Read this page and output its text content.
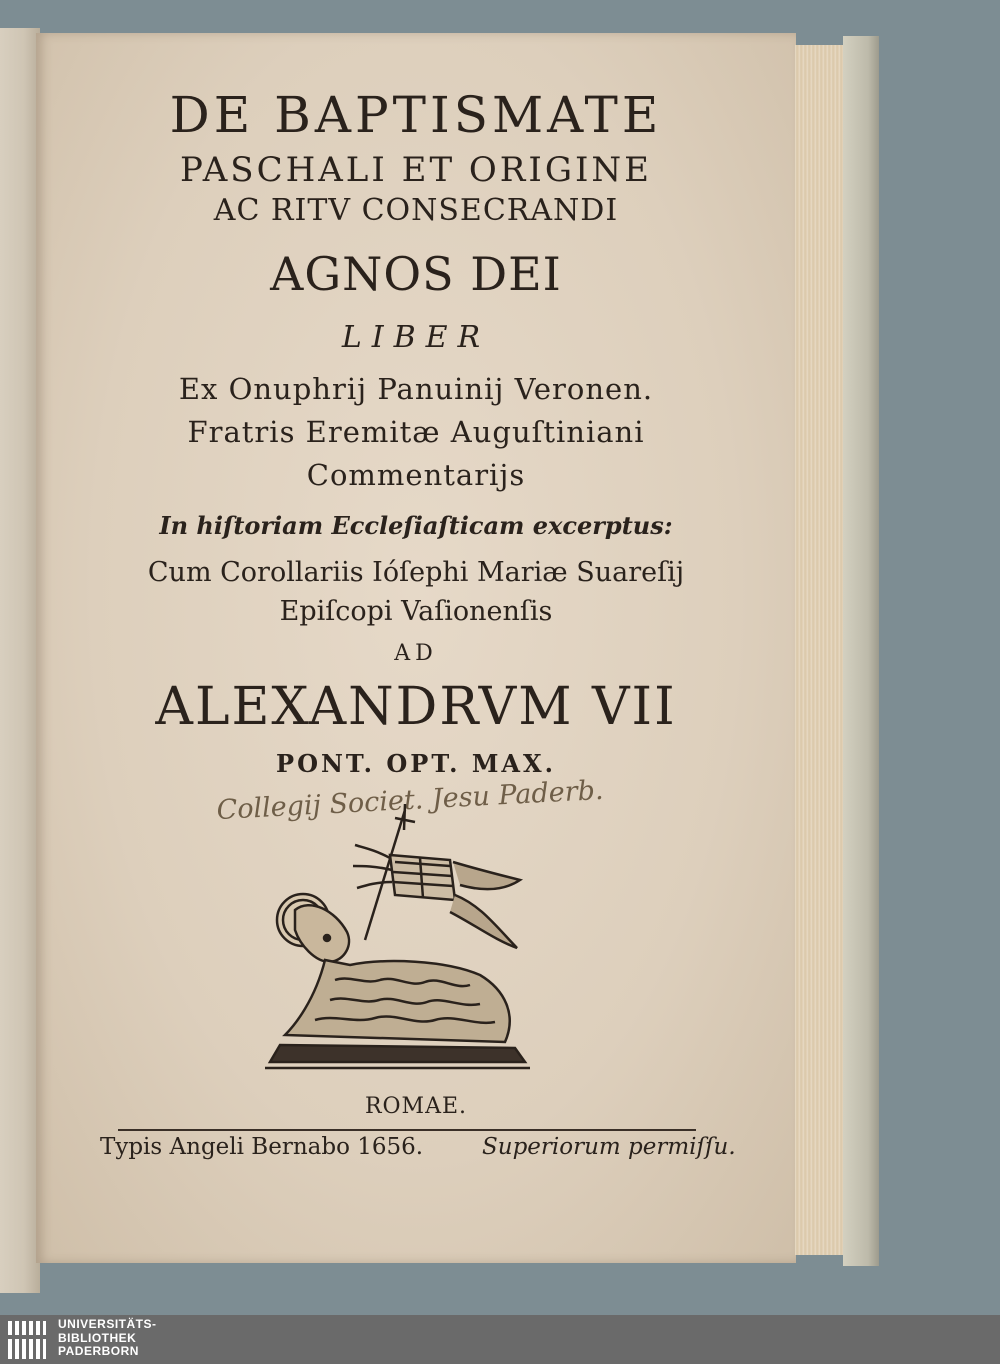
DE BAPTISMATE
PASCHALI ET ORIGINE
AC RITV CONSECRANDI
AGNOS DEI
LIBER
Ex Onuphrij Panuinij Veronen.
Fratris Eremitæ Auguſtiniani
Commentarijs
In hiſtoriam Eccleſiaſticam excerptus:
Cum Corollariis Ióſephi Mariæ Suareſij
Epiſcopi Vaſionenſis
AD
ALEXANDRVM VII
PONT. OPT. MAX.
Collegij Societ. Jesu Paderb.
ROMAE.
Typis Angeli Bernabo 1656.	Superiorum permiſſu.
UNIVERSITÄTS-
BIBLIOTHEK
PADERBORN
